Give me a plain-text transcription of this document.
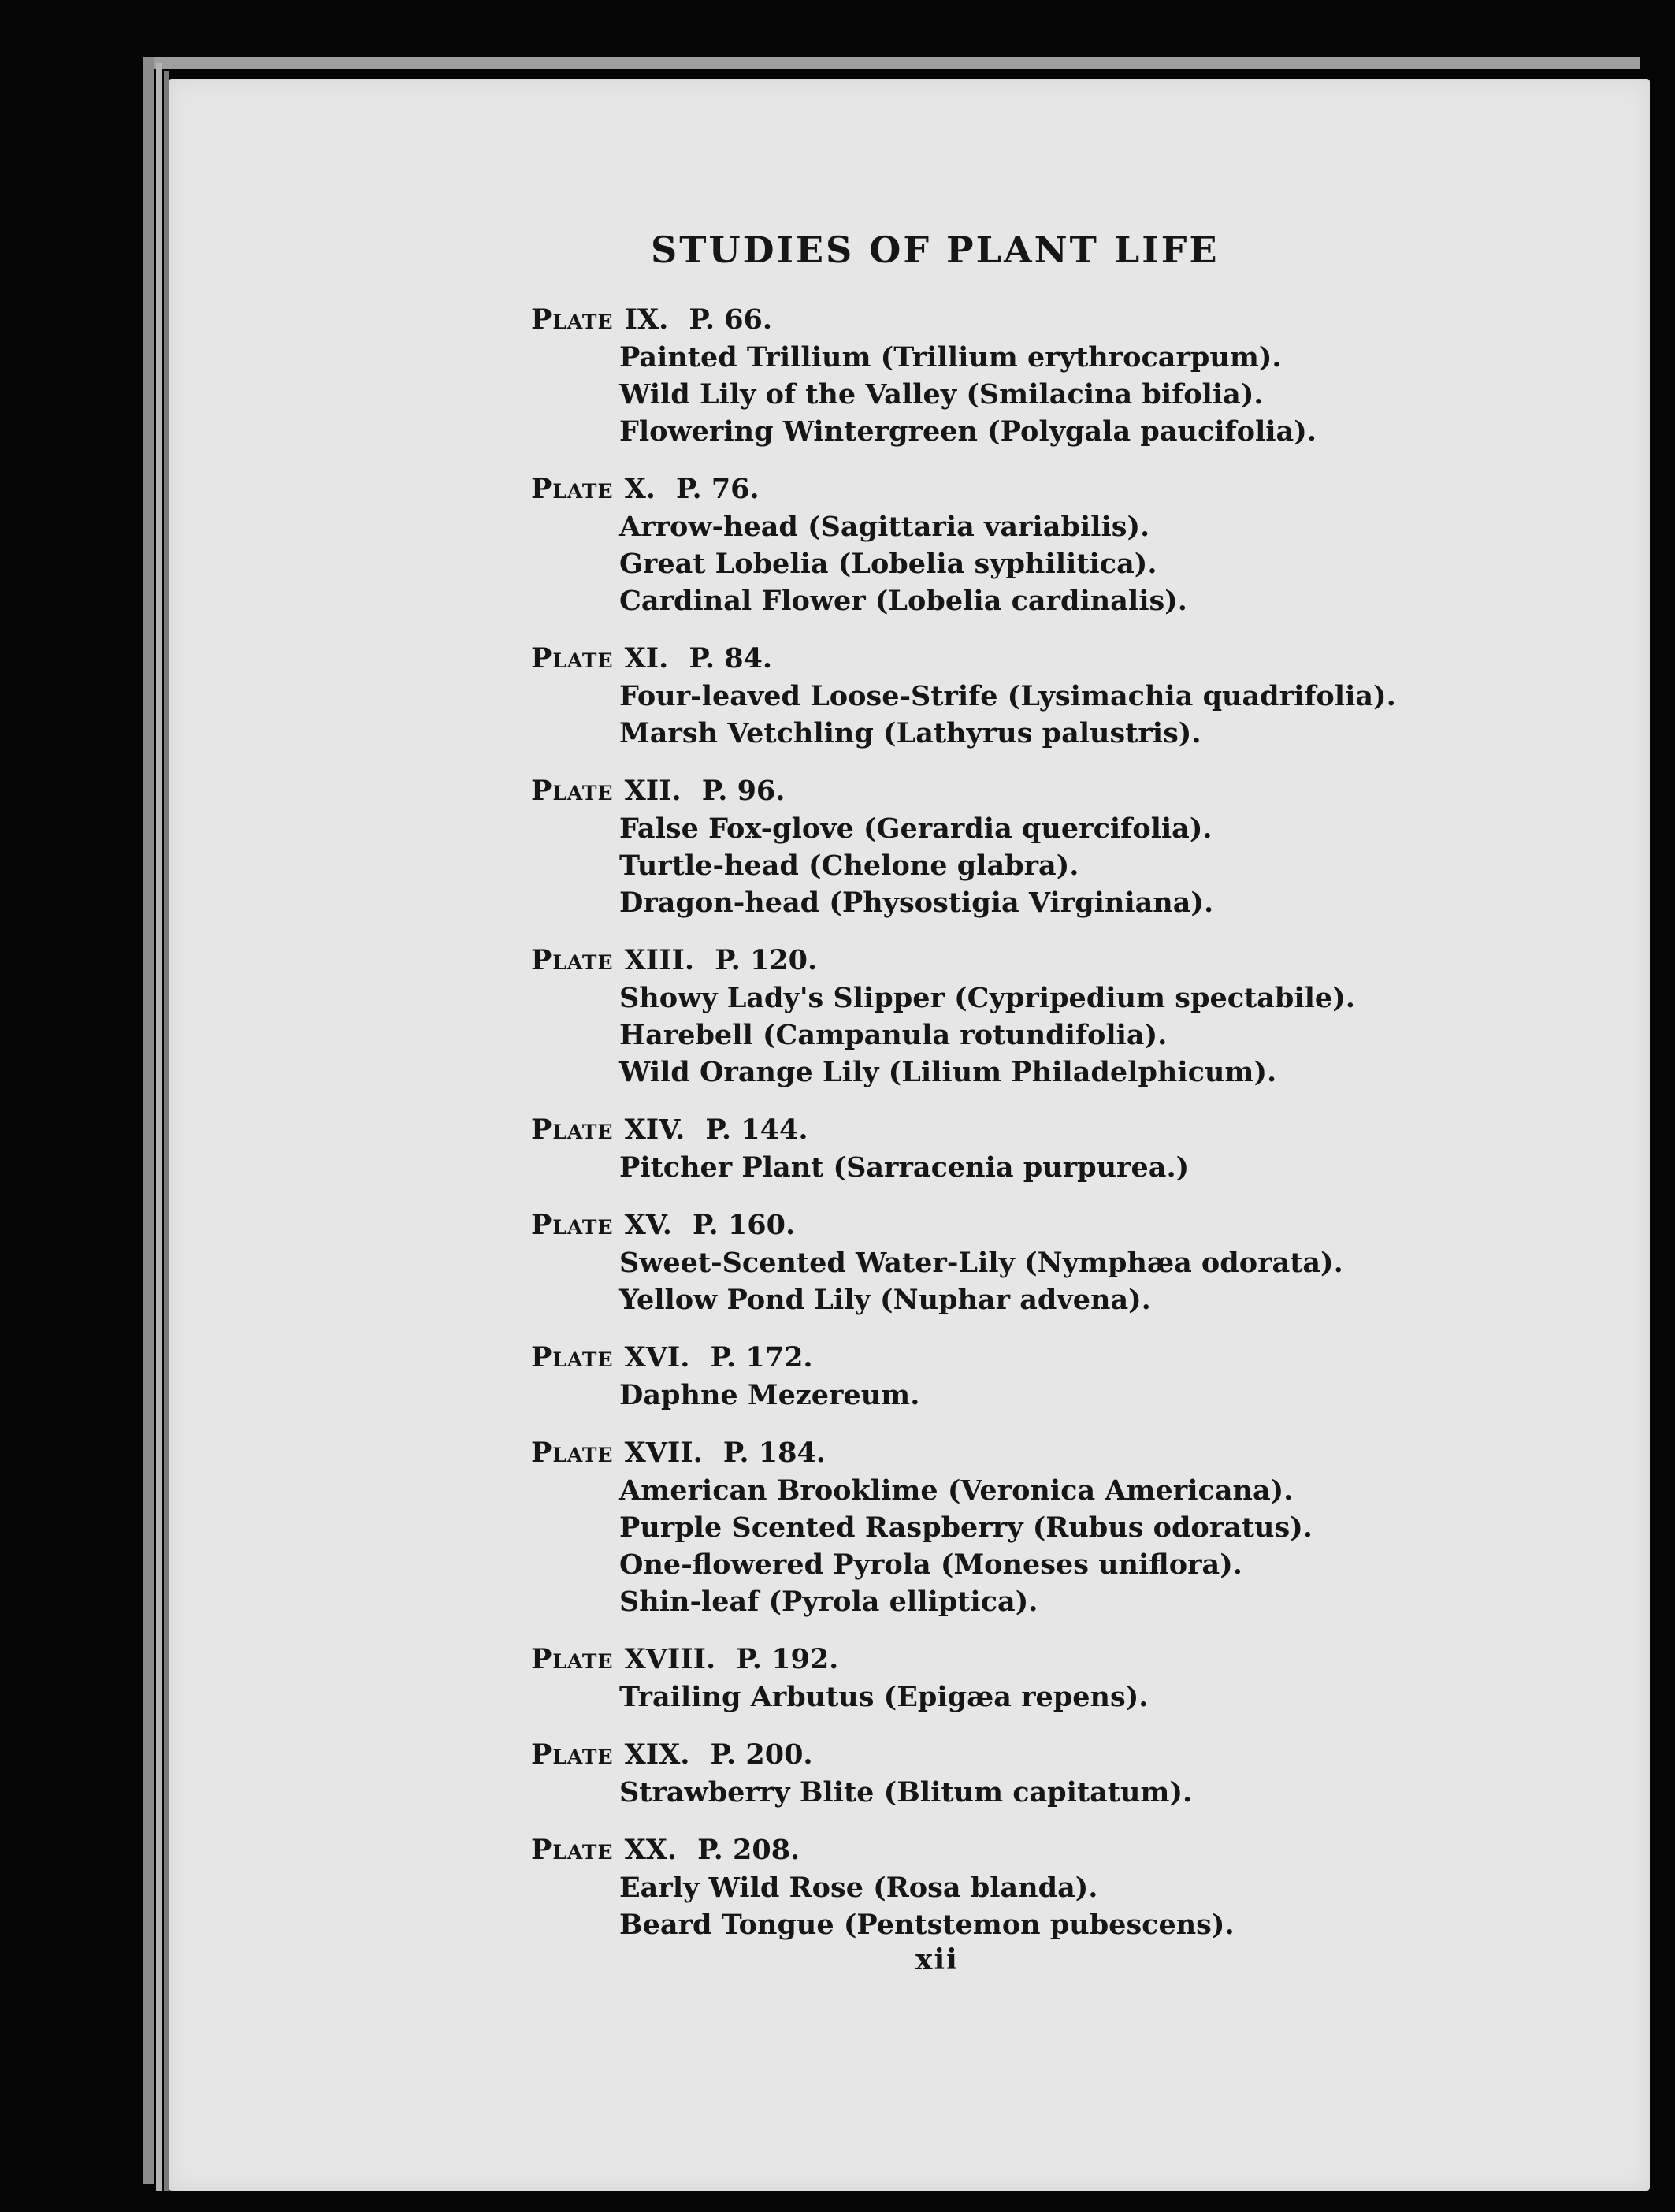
STUDIES OF PLANT LIFE
Plate IX. P. 66.
Painted Trillium (Trillium erythrocarpum).
Wild Lily of the Valley (Smilacina bifolia).
Flowering Wintergreen (Polygala paucifolia).
Plate X. P. 76.
Arrow-head (Sagittaria variabilis).
Great Lobelia (Lobelia syphilitica).
Cardinal Flower (Lobelia cardinalis).
Plate XI. P. 84.
Four-leaved Loose-Strife (Lysimachia quadrifolia).
Marsh Vetchling (Lathyrus palustris).
Plate XII. P. 96.
False Fox-glove (Gerardia quercifolia).
Turtle-head (Chelone glabra).
Dragon-head (Physostigia Virginiana).
Plate XIII. P. 120.
Showy Lady's Slipper (Cypripedium spectabile).
Harebell (Campanula rotundifolia).
Wild Orange Lily (Lilium Philadelphicum).
Plate XIV. P. 144.
Pitcher Plant (Sarracenia purpurea.)
Plate XV. P. 160.
Sweet-Scented Water-Lily (Nymphæa odorata).
Yellow Pond Lily (Nuphar advena).
Plate XVI. P. 172.
Daphne Mezereum.
Plate XVII. P. 184.
American Brooklime (Veronica Americana).
Purple Scented Raspberry (Rubus odoratus).
One-flowered Pyrola (Moneses uniflora).
Shin-leaf (Pyrola elliptica).
Plate XVIII. P. 192.
Trailing Arbutus (Epigæa repens).
Plate XIX. P. 200.
Strawberry Blite (Blitum capitatum).
Plate XX. P. 208.
Early Wild Rose (Rosa blanda).
Beard Tongue (Pentstemon pubescens).
xii
